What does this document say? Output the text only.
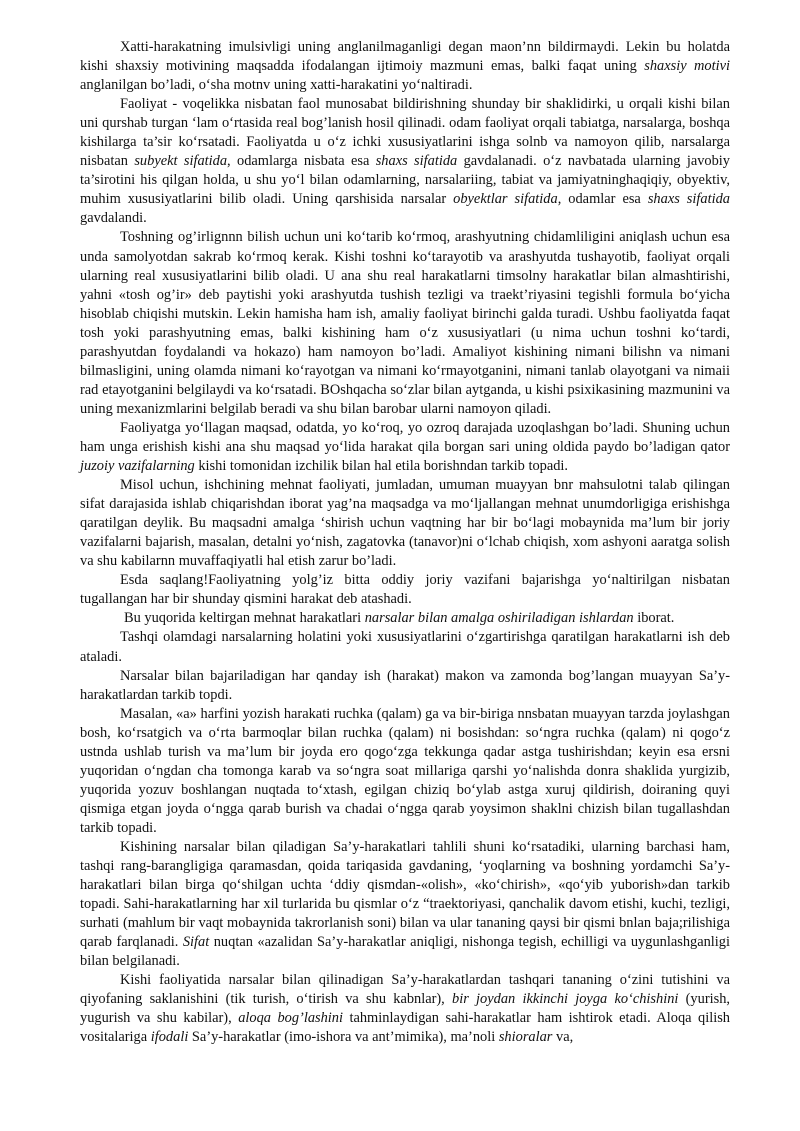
Xatti-harakatning imulsivligi uning anglanilmaganligi degan maon’nn bildirmaydi. Lekin bu holatda kishi shaxsiy motivining maqsadda ifodalangan ijtimoiy mazmuni emas, balki faqat uning shaxsiy motivi anglanilgan bo’ladi, o‘sha motnv uning xatti-harakatini yo‘naltiradi.

Faoliyat - voqelikka nisbatan faol munosabat bildirishning shunday bir shaklidirki, u orqali kishi bilan uni qurshab turgan ‘lam o‘rtasida real bog’lanish hosil qilinadi. odam faoliyat orqali tabiatga, narsalarga, boshqa kishilarga ta’sir ko‘rsatadi. Faoliyatda u o‘z ichki xususiyatlarini ishga solnb va namoyon qilib, narsalarga nisbatan subyekt sifatida, odamlarga nisbata esa shaxs sifatida gavdalanadi. o‘z navbatada ularning javobiy ta’sirotini his qilgan holda, u shu yo‘l bilan odamlarning, narsalariing, tabiat va jamiyatninghaqiqiy, obyektiv, muhim xususiyatlarini bilib oladi. Uning qarshisida narsalar obyektlar sifatida, odamlar esa shaxs sifatida gavdalandi.

Toshning og’irlignnn bilish uchun uni ko‘tarib ko‘rmoq, arashyutning chidamliligini aniqlash uchun esa unda samolyotdan sakrab ko‘rmoq kerak. Kishi toshni ko‘tarayotib va arashyutda tushayotib, faoliyat orqali ularning real xususiyatlarini bilib oladi. U ana shu real harakatlarni timsolny harakatlar bilan almashtirishi, yahni «tosh og’ir» deb paytishi yoki arashyutda tushish tezligi va traekt’riyasini tegishli formula bo‘yicha hisoblab chiqishi mutskin. Lekin hamisha ham ish, amaliy faoliyat birinchi galda turadi. Ushbu faoliyatda faqat tosh yoki parashyutning emas, balki kishining ham o‘z xususiyatlari (u nima uchun toshni ko‘tardi, parashyutdan foydalandi va hokazo) ham namoyon bo’ladi. Amaliyot kishining nimani bilishn va nimani bilmasligini, uning olamda nimani ko‘rayotgan va nimani ko‘rmayotganini, nimani tanlab olayotgani va nimaii rad etayotganini belgilaydi va ko‘rsatadi. BOshqacha so‘zlar bilan aytganda, u kishi psixikasining mazmunini va uning mexanizmlarini belgilab beradi va shu bilan barobar ularni namoyon qiladi.

Faoliyatga yo‘llagan maqsad, odatda, yo ko‘roq, yo ozroq darajada uzoqlashgan bo’ladi. Shuning uchun ham unga erishish kishi ana shu maqsad yo‘lida harakat qila borgan sari uning oldida paydo bo’ladigan qator juzoiy vazifalarning kishi tomonidan izchilik bilan hal etila borishndan tarkib topadi.

Misol uchun, ishchining mehnat faoliyati, jumladan, umuman muayyan bnr mahsulotni talab qilingan sifat darajasida ishlab chiqarishdan iborat yag’na maqsadga va mo‘ljallangan mehnat unumdorligiga erishishga qaratilgan deylik. Bu maqsadni amalga ‘shirish uchun vaqtning har bir bo‘lagi mobaynida ma’lum bir joriy vazifalarni bajarish, masalan, detalni yo‘nish, zagatovka (tanavor)ni o‘lchab chiqish, xom ashyoni aaratga solish va shu kabilarnn muvaffaqiyatli hal etish zarur bo’ladi.

Esda saqlang!Faoliyatning yolg’iz bitta oddiy joriy vazifani bajarishga yo‘naltirilgan nisbatan tugallangan har bir shunday qismini harakat deb atashadi.

Bu yuqorida keltirgan mehnat harakatlari narsalar bilan amalga oshiriladigan ishlardan iborat.

Tashqi olamdagi narsalarning holatini yoki xususiyatlarini o‘zgartirishga qaratilgan harakatlarni ish deb ataladi.

Narsalar bilan bajariladigan har qanday ish (harakat) makon va zamonda bog’langan muayyan Sa’y-harakatlardan tarkib topdi.

Masalan, «a» harfini yozish harakati ruchka (qalam) ga va bir-biriga nnsbatan muayyan tarzda joylashgan bosh, ko‘rsatgich va o‘rta barmoqlar bilan ruchka (qalam) ni bosishdan: so‘ngra ruchka (qalam) ni qogo‘z ustnda ushlab turish va ma’lum bir joyda ero qogo‘zga tekkunga qadar astga tushirishdan; keyin esa ersni yuqoridan o‘ngdan cha tomonga karab va so‘ngra soat millariga qarshi yo‘nalishda donra shaklida yurgizib, yuqorida yozuv boshlangan nuqtada to‘xtash, egilgan chiziq bo‘ylab astga xuruj qildirish, doiraning quyi qismiga etgan joyda o‘ngga qarab burish va chadai o‘ngga qarab yoysimon shaklni chizish bilan tugallashdan tarkib topadi.

Kishining narsalar bilan qiladigan Sa’y-harakatlari tahlili shuni ko‘rsatadiki, ularning barchasi ham, tashqi rang-barangligiga qaramasdan, qoida tariqasida gavdaning, ‘yoqlarning va boshning yordamchi Sa’y-harakatlari bilan birga qo‘shilgan uchta ‘ddiy qismdan-«olish», «ko‘chirish», «qo‘yib yuborish»dan tarkib topadi. Sahi-harakatlarning har xil turlarida bu qismlar o‘z “traektoriyasi, qanchalik davom etishi, kuchi, tezligi, surhati (mahlum bir vaqt mobaynida takrorlanish soni) bilan va ular tananing qaysi bir qismi bnlan baja;rilishiga qarab farqlanadi. Sifat nuqtan «azalidan Sa’y-harakatlar aniqligi, nishonga tegish, echilligi va uygunlashganligi bilan belgilanadi.

Kishi faoliyatida narsalar bilan qilinadigan Sa’y-harakatlardan tashqari tananing o‘zini tutishini va qiyofaning saklanishini (tik turish, o‘tirish va shu kabnlar), bir joydan ikkinchi joyga ko‘chishini (yurish, yugurish va shu kabilar), aloqa bog’lashini tahminlaydigan sahi-harakatlar ham ishtirok etadi. Aloqa qilish vositalariga ifodali Sa’y-harakatlar (imo-ishora va ant’mimika), ma’noli shioralar va,
